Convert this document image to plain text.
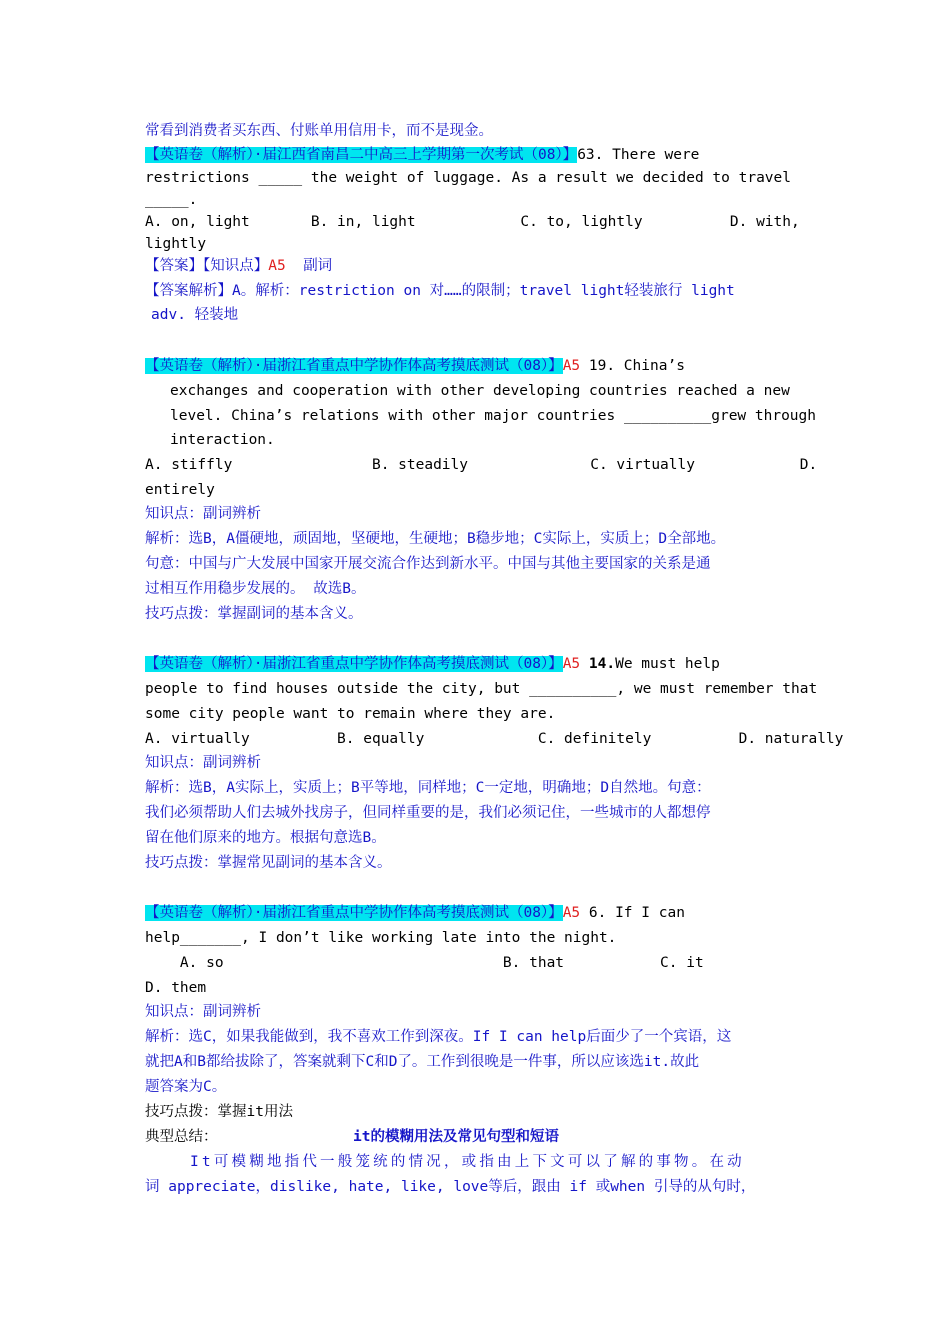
常看到消费者买东西、付账单用信用卡，而不是现金。
【英语卷（解析）·届江西省南昌二中高三上学期第一次考试（08）】63. There were
restrictions _____ the weight of luggage. As a result we decided to travel
_____.
A. on, light       B. in, light            C. to, lightly          D. with,
lightly
【答案】【知识点】A5 副词
【答案解析】A。解析：restriction on 对……的限制；travel light轻装旅行 light
adv. 轻装地
【英语卷（解析）·届浙江省重点中学协作体高考摸底测试（08）】A5 19. China’s
exchanges and cooperation with other developing countries reached a new
level. China’s relations with other major countries __________grew through
interaction.
A. stiffly                B. steadily              C. virtually            D.
entirely
知识点：副词辨析
解析：选B，A僵硬地，顽固地，坚硬地，生硬地；B稳步地；C实际上，实质上；D全部地。
句意：中国与广大发展中国家开展交流合作达到新水平。中国与其他主要国家的关系是通
过相互作用稳步发展的。 故选B。
技巧点拨：掌握副词的基本含义。
【英语卷（解析）·届浙江省重点中学协作体高考摸底测试（08）】A5 14.We must help
people to find houses outside the city, but __________, we must remember that
some city people want to remain where they are.
A. virtually          B. equally             C. definitely          D. naturally
知识点：副词辨析
解析：选B，A实际上，实质上；B平等地，同样地；C一定地，明确地；D自然地。句意：
我们必须帮助人们去城外找房子，但同样重要的是，我们必须记住，一些城市的人都想停
留在他们原来的地方。根据句意选B。
技巧点拨：掌握常见副词的基本含义。
【英语卷（解析）·届浙江省重点中学协作体高考摸底测试（08）】A5 6. If I can
help_______, I don’t like working late into the night.
A. so                                B. that           C. it
D. them
知识点：副词辨析
解析：选C，如果我能做到，我不喜欢工作到深夜。If I can help后面少了一个宾语，这
就把A和B都给拔除了，答案就剩下C和D了。工作到很晚是一件事，所以应该选it.故此
题答案为C。
技巧点拨：掌握it用法
典型总结：	it的模糊用法及常见句型和短语
It可模糊地指代一般笼统的情况，或指由上下文可以了解的事物。在动
词 appreciate，dislike, hate, like, love等后，跟由 if 或when 引导的从句时，
